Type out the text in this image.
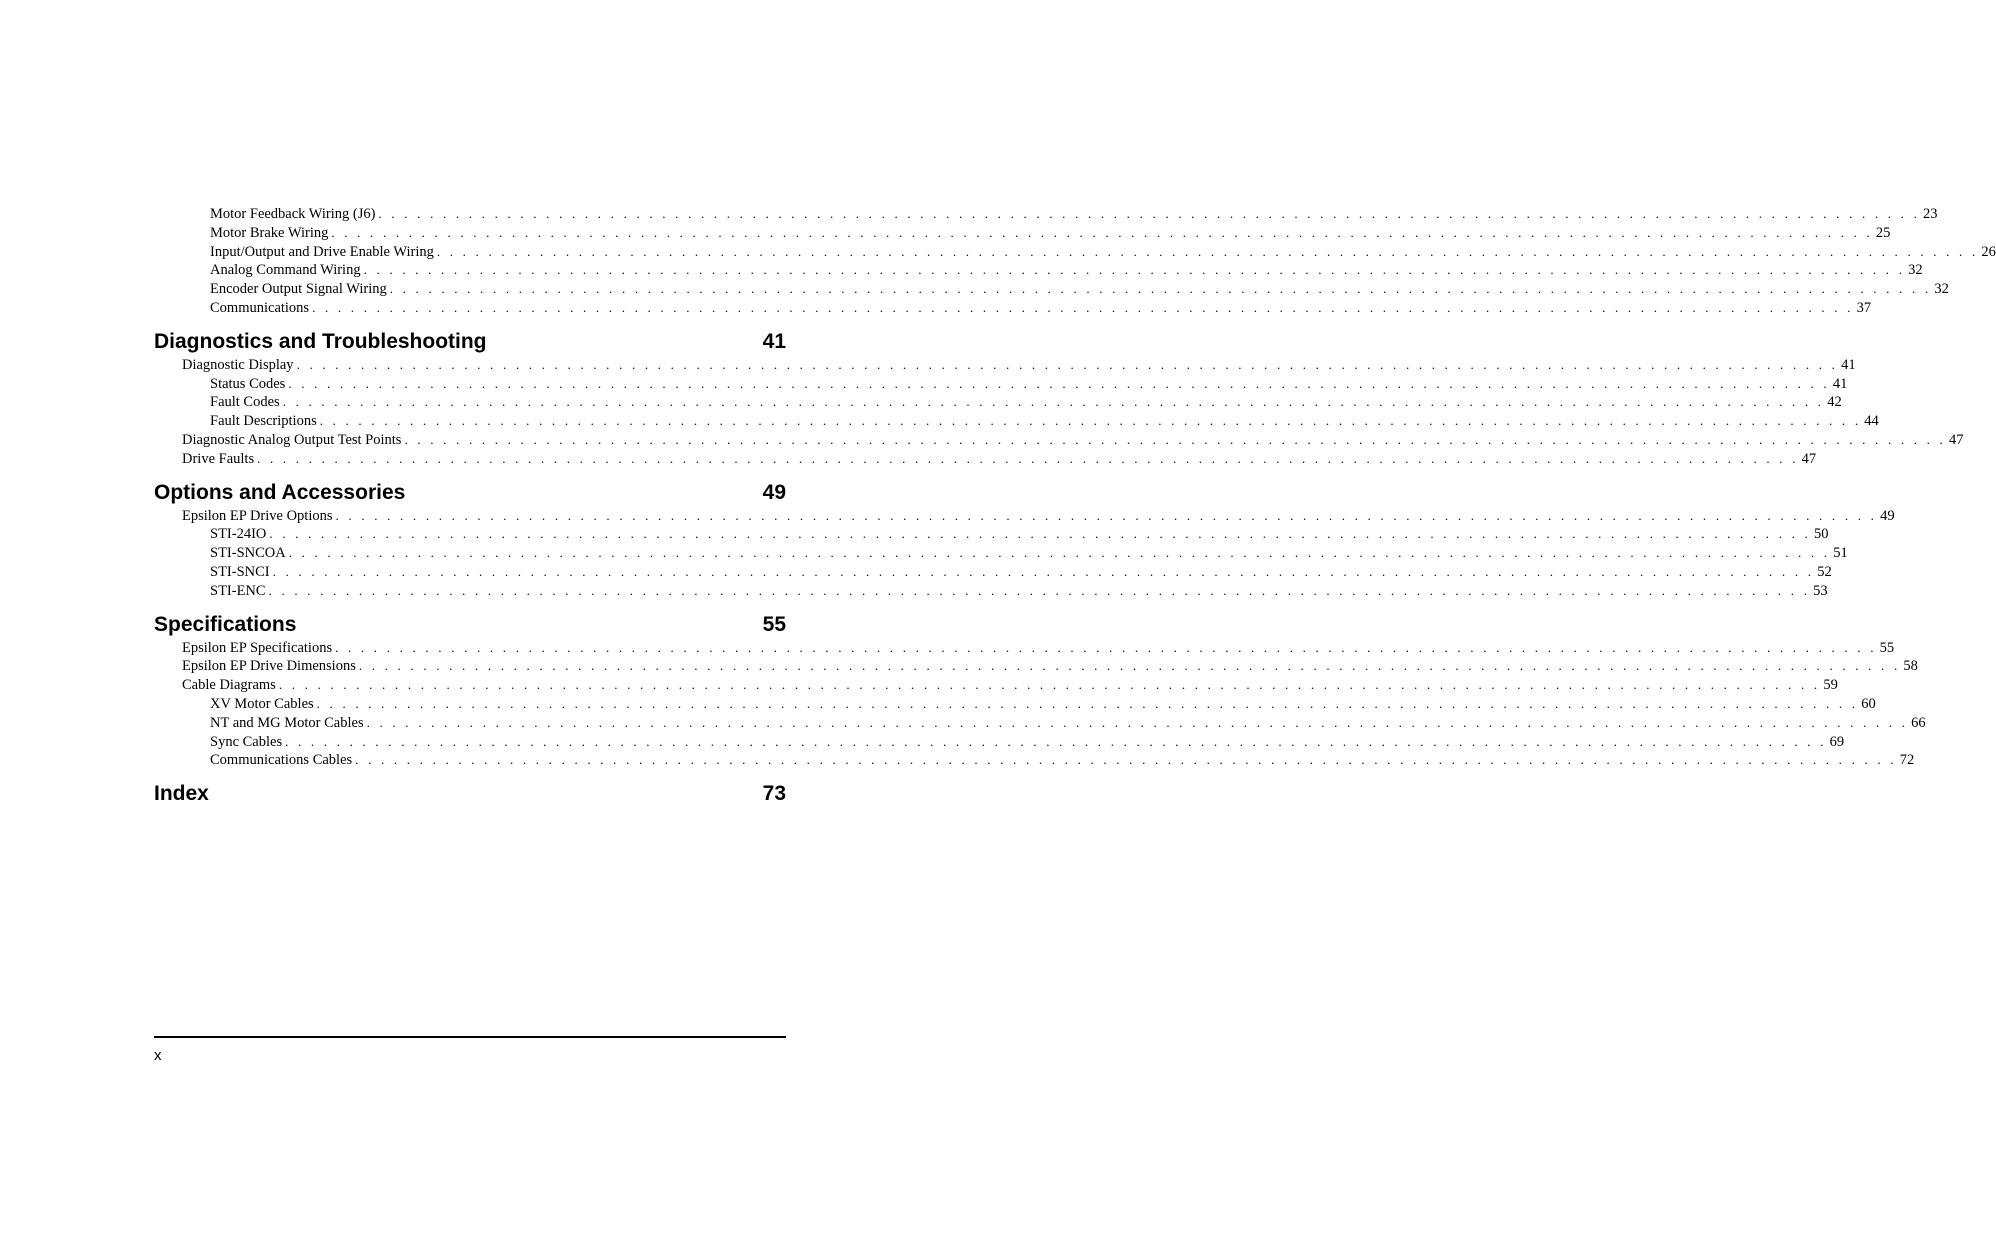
Motor Feedback Wiring (J6) . . . . . . . . . . . . . . . . . . . . . . . . . . . . . . . . . . . . . . . . . . . . . . . . . . . . . . . . . . . . . . . . . . . . . . . . . . . . . . . . . . . . . . . . . . . . . . . . . . . . . . . . . . . . . . . . . . . . . . . . 23
Motor Brake Wiring . . . . . . . . . . . . . . . . . . . . . . . . . . . . . . . . . . . . . . . . . . . . . . . . . . . . . . . . . . . . . . . . . . . . . . . . . . . . . . . . . . . . . . . . . . . . . . . . . . . . . . . . . . . . . . . . . . . . . . . . 25
Input/Output and Drive Enable Wiring . . . . . . . . . . . . . . . . . . . . . . . . . . . . . . . . . . . . . . . . . . . . . . . . . . . . . . . . . . . . . . . . . . . . . . . . . . . . . . . . . . . . . . . . . . . . . . . . . . . . . . . . . . . . . . . . . . . . . . . . 26
Analog Command Wiring . . . . . . . . . . . . . . . . . . . . . . . . . . . . . . . . . . . . . . . . . . . . . . . . . . . . . . . . . . . . . . . . . . . . . . . . . . . . . . . . . . . . . . . . . . . . . . . . . . . . . . . . . . . . . . . . . . . . . . . . 32
Encoder Output Signal Wiring . . . . . . . . . . . . . . . . . . . . . . . . . . . . . . . . . . . . . . . . . . . . . . . . . . . . . . . . . . . . . . . . . . . . . . . . . . . . . . . . . . . . . . . . . . . . . . . . . . . . . . . . . . . . . . . . . . . . . . . . 32
Communications . . . . . . . . . . . . . . . . . . . . . . . . . . . . . . . . . . . . . . . . . . . . . . . . . . . . . . . . . . . . . . . . . . . . . . . . . . . . . . . . . . . . . . . . . . . . . . . . . . . . . . . . . . . . . . . . . . . . . . . . 37
Diagnostics and Troubleshooting	41
Diagnostic Display . . . . . . . . . . . . . . . . . . . . . . . . . . . . . . . . . . . . . . . . . . . . . . . . . . . . . . . . . . . . . . . . . . . . . . . . . . . . . . . . . . . . . . . . . . . . . . . . . . . . . . . . . . . . . . . . . . . . . . . . 41
Status Codes . . . . . . . . . . . . . . . . . . . . . . . . . . . . . . . . . . . . . . . . . . . . . . . . . . . . . . . . . . . . . . . . . . . . . . . . . . . . . . . . . . . . . . . . . . . . . . . . . . . . . . . . . . . . . . . . . . . . . . . . 41
Fault Codes . . . . . . . . . . . . . . . . . . . . . . . . . . . . . . . . . . . . . . . . . . . . . . . . . . . . . . . . . . . . . . . . . . . . . . . . . . . . . . . . . . . . . . . . . . . . . . . . . . . . . . . . . . . . . . . . . . . . . . . . 42
Fault Descriptions . . . . . . . . . . . . . . . . . . . . . . . . . . . . . . . . . . . . . . . . . . . . . . . . . . . . . . . . . . . . . . . . . . . . . . . . . . . . . . . . . . . . . . . . . . . . . . . . . . . . . . . . . . . . . . . . . . . . . . . . 44
Diagnostic Analog Output Test Points . . . . . . . . . . . . . . . . . . . . . . . . . . . . . . . . . . . . . . . . . . . . . . . . . . . . . . . . . . . . . . . . . . . . . . . . . . . . . . . . . . . . . . . . . . . . . . . . . . . . . . . . . . . . . . . . . . . . . . . . 47
Drive Faults . . . . . . . . . . . . . . . . . . . . . . . . . . . . . . . . . . . . . . . . . . . . . . . . . . . . . . . . . . . . . . . . . . . . . . . . . . . . . . . . . . . . . . . . . . . . . . . . . . . . . . . . . . . . . . . . . . . . . . . . 47
Options and Accessories	49
Epsilon EP Drive Options . . . . . . . . . . . . . . . . . . . . . . . . . . . . . . . . . . . . . . . . . . . . . . . . . . . . . . . . . . . . . . . . . . . . . . . . . . . . . . . . . . . . . . . . . . . . . . . . . . . . . . . . . . . . . . . . . . . . . . . . 49
STI-24IO . . . . . . . . . . . . . . . . . . . . . . . . . . . . . . . . . . . . . . . . . . . . . . . . . . . . . . . . . . . . . . . . . . . . . . . . . . . . . . . . . . . . . . . . . . . . . . . . . . . . . . . . . . . . . . . . . . . . . . . . 50
STI-SNCOA . . . . . . . . . . . . . . . . . . . . . . . . . . . . . . . . . . . . . . . . . . . . . . . . . . . . . . . . . . . . . . . . . . . . . . . . . . . . . . . . . . . . . . . . . . . . . . . . . . . . . . . . . . . . . . . . . . . . . . . . 51
STI-SNCI . . . . . . . . . . . . . . . . . . . . . . . . . . . . . . . . . . . . . . . . . . . . . . . . . . . . . . . . . . . . . . . . . . . . . . . . . . . . . . . . . . . . . . . . . . . . . . . . . . . . . . . . . . . . . . . . . . . . . . . . 52
STI-ENC . . . . . . . . . . . . . . . . . . . . . . . . . . . . . . . . . . . . . . . . . . . . . . . . . . . . . . . . . . . . . . . . . . . . . . . . . . . . . . . . . . . . . . . . . . . . . . . . . . . . . . . . . . . . . . . . . . . . . . . . 53
Specifications	55
Epsilon EP Specifications . . . . . . . . . . . . . . . . . . . . . . . . . . . . . . . . . . . . . . . . . . . . . . . . . . . . . . . . . . . . . . . . . . . . . . . . . . . . . . . . . . . . . . . . . . . . . . . . . . . . . . . . . . . . . . . . . . . . . . . . 55
Epsilon EP Drive Dimensions . . . . . . . . . . . . . . . . . . . . . . . . . . . . . . . . . . . . . . . . . . . . . . . . . . . . . . . . . . . . . . . . . . . . . . . . . . . . . . . . . . . . . . . . . . . . . . . . . . . . . . . . . . . . . . . . . . . . . . . . 58
Cable Diagrams . . . . . . . . . . . . . . . . . . . . . . . . . . . . . . . . . . . . . . . . . . . . . . . . . . . . . . . . . . . . . . . . . . . . . . . . . . . . . . . . . . . . . . . . . . . . . . . . . . . . . . . . . . . . . . . . . . . . . . . . 59
XV Motor Cables . . . . . . . . . . . . . . . . . . . . . . . . . . . . . . . . . . . . . . . . . . . . . . . . . . . . . . . . . . . . . . . . . . . . . . . . . . . . . . . . . . . . . . . . . . . . . . . . . . . . . . . . . . . . . . . . . . . . . . . . 60
NT and MG Motor Cables . . . . . . . . . . . . . . . . . . . . . . . . . . . . . . . . . . . . . . . . . . . . . . . . . . . . . . . . . . . . . . . . . . . . . . . . . . . . . . . . . . . . . . . . . . . . . . . . . . . . . . . . . . . . . . . . . . . . . . . . 66
Sync Cables . . . . . . . . . . . . . . . . . . . . . . . . . . . . . . . . . . . . . . . . . . . . . . . . . . . . . . . . . . . . . . . . . . . . . . . . . . . . . . . . . . . . . . . . . . . . . . . . . . . . . . . . . . . . . . . . . . . . . . . . 69
Communications Cables . . . . . . . . . . . . . . . . . . . . . . . . . . . . . . . . . . . . . . . . . . . . . . . . . . . . . . . . . . . . . . . . . . . . . . . . . . . . . . . . . . . . . . . . . . . . . . . . . . . . . . . . . . . . . . . . . . . . . . . . 72
Index	73
x
